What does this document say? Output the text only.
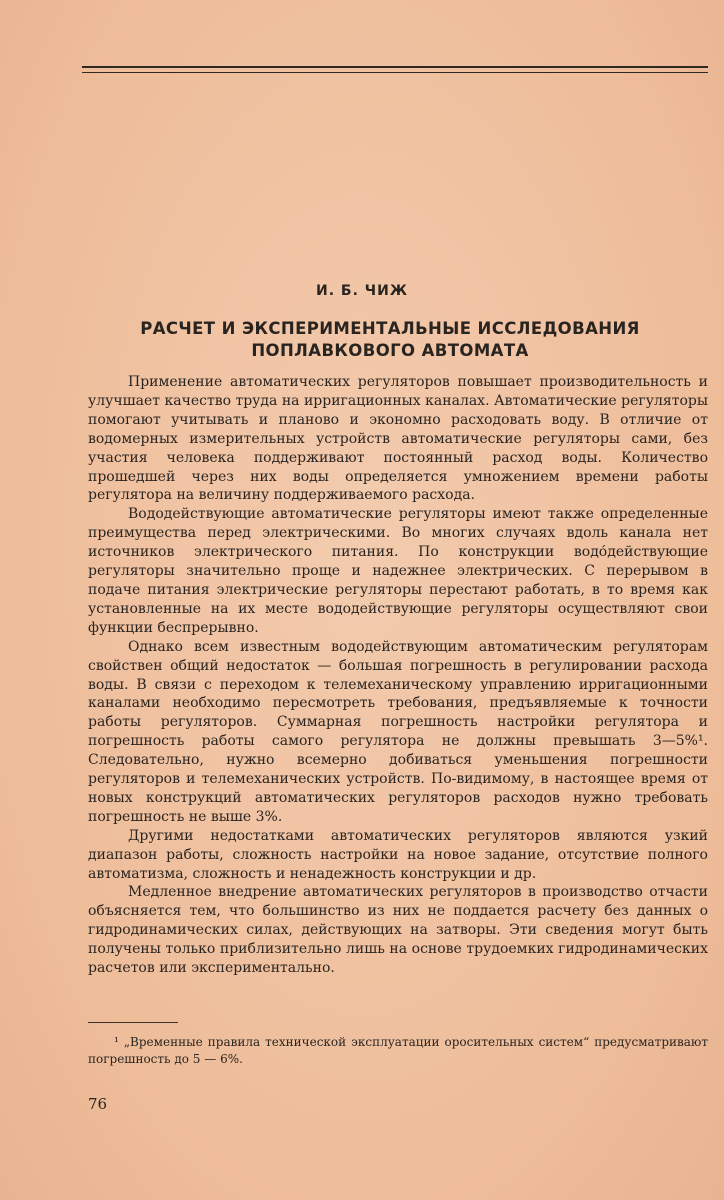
И. Б. ЧИЖ
РАСЧЕТ И ЭКСПЕРИМЕНТАЛЬНЫЕ ИССЛЕДОВАНИЯ
ПОПЛАВКОВОГО АВТОМАТА

Применение автоматических регуляторов повышает производительность и улучшает качество труда на ирригационных каналах. Автоматические регуляторы помогают учитывать и планово и экономно расходовать воду. В отличие от водомерных измерительных устройств автоматические регуляторы сами, без участия человека поддерживают постоянный расход воды. Количество прошедшей через них воды определяется умножением времени работы регулятора на величину поддерживаемого расхода.

Вододействующие автоматические регуляторы имеют также определенные преимущества перед электрическими. Во многих случаях вдоль канала нет источников электрического питания. По конструкции водо́действующие регуляторы значительно проще и надежнее электрических. С перерывом в подаче питания электрические регуляторы перестают работать, в то время как установленные на их месте вододействующие регуляторы осуществляют свои функции беспрерывно.

Однако всем известным вододействующим автоматическим регуляторам свойствен общий недостаток — большая погрешность в регулировании расхода воды. В связи с переходом к телемеханическому управлению ирригационными каналами необходимо пересмотреть требования, предъявляемые к точности работы регуляторов. Суммарная погрешность настройки регулятора и погрешность работы самого регулятора не должны превышать 3—5%¹. Следовательно, нужно всемерно добиваться уменьшения погрешности регуляторов и телемеханических устройств. По-видимому, в настоящее время от новых конструкций автоматических регуляторов расходов нужно требовать погрешность не выше 3%.

Другими недостатками автоматических регуляторов являются узкий диапазон работы, сложность настройки на новое задание, отсутствие полного автоматизма, сложность и ненадежность конструкции и др.

Медленное внедрение автоматических регуляторов в производство отчасти объясняется тем, что большинство из них не поддается расчету без данных о гидродинамических силах, действующих на затворы. Эти сведения могут быть получены только приблизительно лишь на основе трудоемких гидродинамических расчетов или экспериментально.

¹ „Временные правила технической эксплуатации оросительных систем“ предусматривают погрешность до 5 — 6%.
76
